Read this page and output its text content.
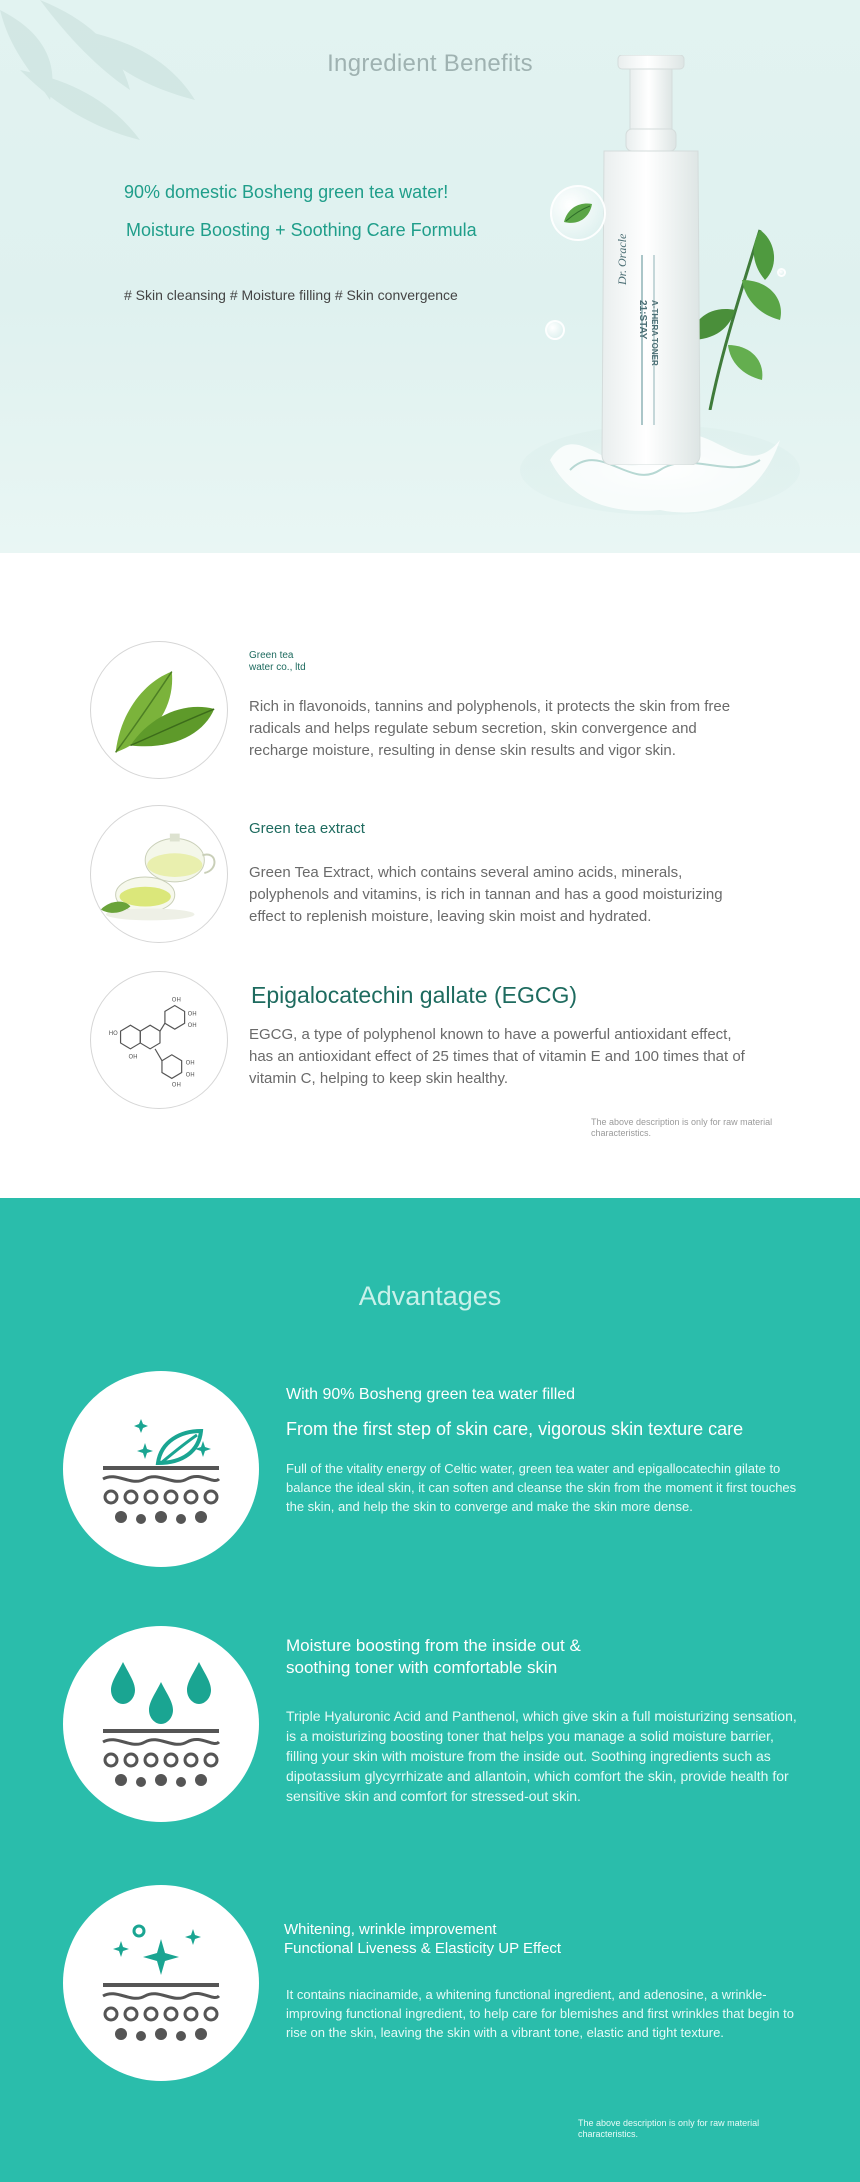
Ingredient Benefits
90% domestic Bosheng green tea water!
Moisture Boosting + Soothing Care Formula
# Skin cleansing # Moisture filling # Skin convergence
Dr. Oracle
21:STAY A-THERA TONER
Green tea
water co., ltd
Rich in flavonoids, tannins and polyphenols, it protects the skin from free radicals and helps regulate sebum secretion, skin convergence and recharge moisture, resulting in dense skin results and vigor skin.
Green tea extract
Green Tea Extract, which contains several amino acids, minerals, polyphenols and vitamins, is rich in tannan and has a good moisturizing effect to replenish moisture, leaving skin moist and hydrated.
HO
OH
OH
OH
OH
OH
OH
OH
Epigalocatechin gallate (EGCG)
EGCG, a type of polyphenol known to have a powerful antioxidant effect, has an antioxidant effect of 25 times that of vitamin E and 100 times that of vitamin C, helping to keep skin healthy.
The above description is only for raw material characteristics.
Advantages
With 90% Bosheng green tea water filled
From the first step of skin care, vigorous skin texture care
Full of the vitality energy of Celtic water, green tea water and epigallocatechin gilate to balance the ideal skin, it can soften and cleanse the skin from the moment it first touches the skin, and help the skin to converge and make the skin more dense.
Moisture boosting from the inside out &
soothing toner with comfortable skin
Triple Hyaluronic Acid and Panthenol, which give skin a full moisturizing sensation, is a moisturizing boosting toner that helps you manage a solid moisture barrier, filling your skin with moisture from the inside out. Soothing ingredients such as dipotassium glycyrrhizate and allantoin, which comfort the skin, provide health for sensitive skin and comfort for stressed-out skin.
Whitening, wrinkle improvement
Functional Liveness & Elasticity UP Effect
It contains niacinamide, a whitening functional ingredient, and adenosine, a wrinkle-improving functional ingredient, to help care for blemishes and first wrinkles that begin to rise on the skin, leaving the skin with a vibrant tone, elastic and tight texture.
The above description is only for raw material characteristics.
